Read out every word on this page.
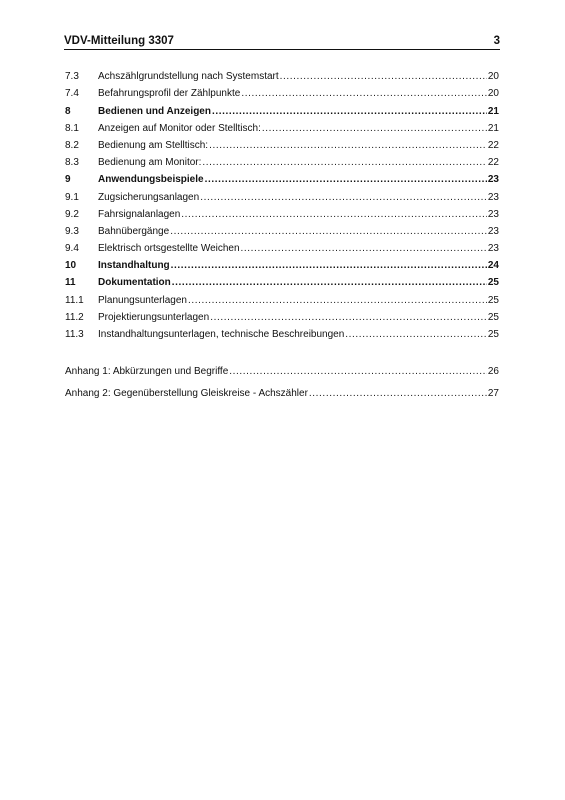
VDV-Mitteilung 3307	3
7.3	Achszählgrundstellung nach Systemstart .....	20
7.4	Befahrungsprofil der Zählpunkte .....	20
8	Bedienen und Anzeigen .....	21
8.1	Anzeigen auf Monitor oder Stelltisch: .....	21
8.2	Bedienung am Stelltisch: .....	22
8.3	Bedienung am Monitor: .....	22
9	Anwendungsbeispiele .....	23
9.1	Zugsicherungsanlagen .....	23
9.2	Fahrsignalanlagen .....	23
9.3	Bahnübergänge .....	23
9.4	Elektrisch ortsgestellte Weichen .....	23
10	Instandhaltung .....	24
11	Dokumentation .....	25
11.1	Planungsunterlagen .....	25
11.2	Projektierungsunterlagen .....	25
11.3	Instandhaltungsunterlagen, technische Beschreibungen .....	25
Anhang 1: Abkürzungen und Begriffe .....	26
Anhang 2: Gegenüberstellung Gleiskreise - Achszähler .....	27
